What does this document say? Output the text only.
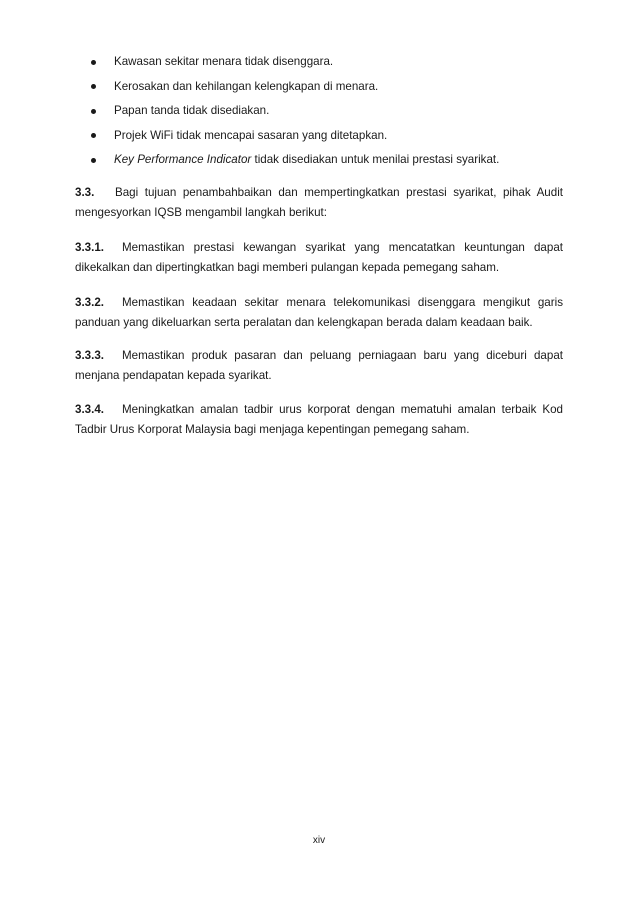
Kawasan sekitar menara tidak disenggara.
Kerosakan dan kehilangan kelengkapan di menara.
Papan tanda tidak disediakan.
Projek WiFi tidak mencapai sasaran yang ditetapkan.
Key Performance Indicator tidak disediakan untuk menilai prestasi syarikat.

3.3. Bagi tujuan penambahbaikan dan mempertingkatkan prestasi syarikat, pihak Audit mengesyorkan IQSB mengambil langkah berikut:

3.3.1. Memastikan prestasi kewangan syarikat yang mencatatkan keuntungan dapat dikekalkan dan dipertingkatkan bagi memberi pulangan kepada pemegang saham.

3.3.2. Memastikan keadaan sekitar menara telekomunikasi disenggara mengikut garis panduan yang dikeluarkan serta peralatan dan kelengkapan berada dalam keadaan baik.

3.3.3. Memastikan produk pasaran dan peluang perniagaan baru yang diceburi dapat menjana pendapatan kepada syarikat.

3.3.4. Meningkatkan amalan tadbir urus korporat dengan mematuhi amalan terbaik Kod Tadbir Urus Korporat Malaysia bagi menjaga kepentingan pemegang saham.

xiv
